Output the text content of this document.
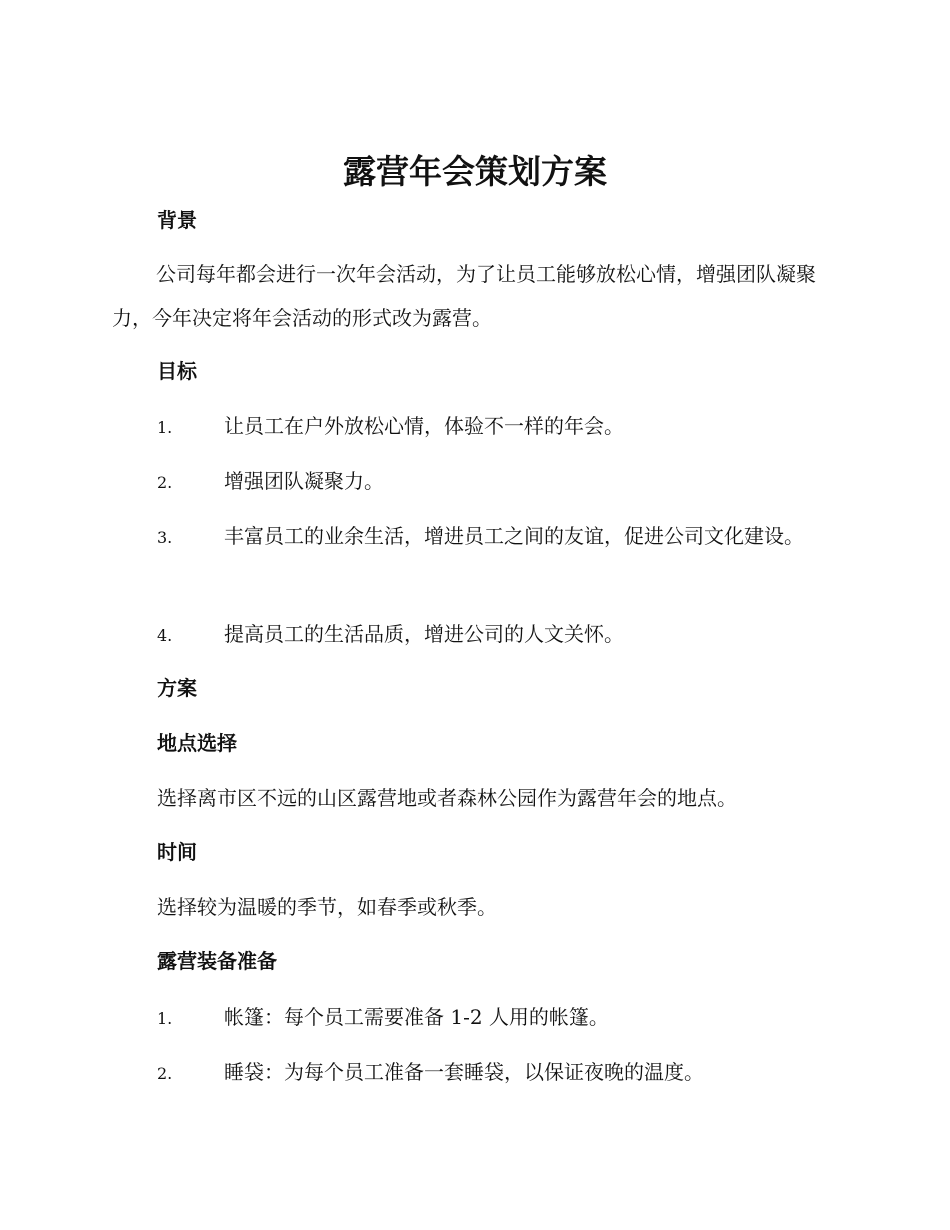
露营年会策划方案
背景

公司每年都会进行一次年会活动，为了让员工能够放松心情，增强团队凝聚力，今年决定将年会活动的形式改为露营。

目标

1.	让员工在户外放松心情，体验不一样的年会。

2.	增强团队凝聚力。

3.	丰富员工的业余生活，增进员工之间的友谊，促进公司文化建设。

4.	提高员工的生活品质，增进公司的人文关怀。

方案
地点选择

选择离市区不远的山区露营地或者森林公园作为露营年会的地点。

时间

选择较为温暖的季节，如春季或秋季。

露营装备准备

1.	帐篷：每个员工需要准备 1-2 人用的帐篷。

2.	睡袋：为每个员工准备一套睡袋，以保证夜晚的温度。
